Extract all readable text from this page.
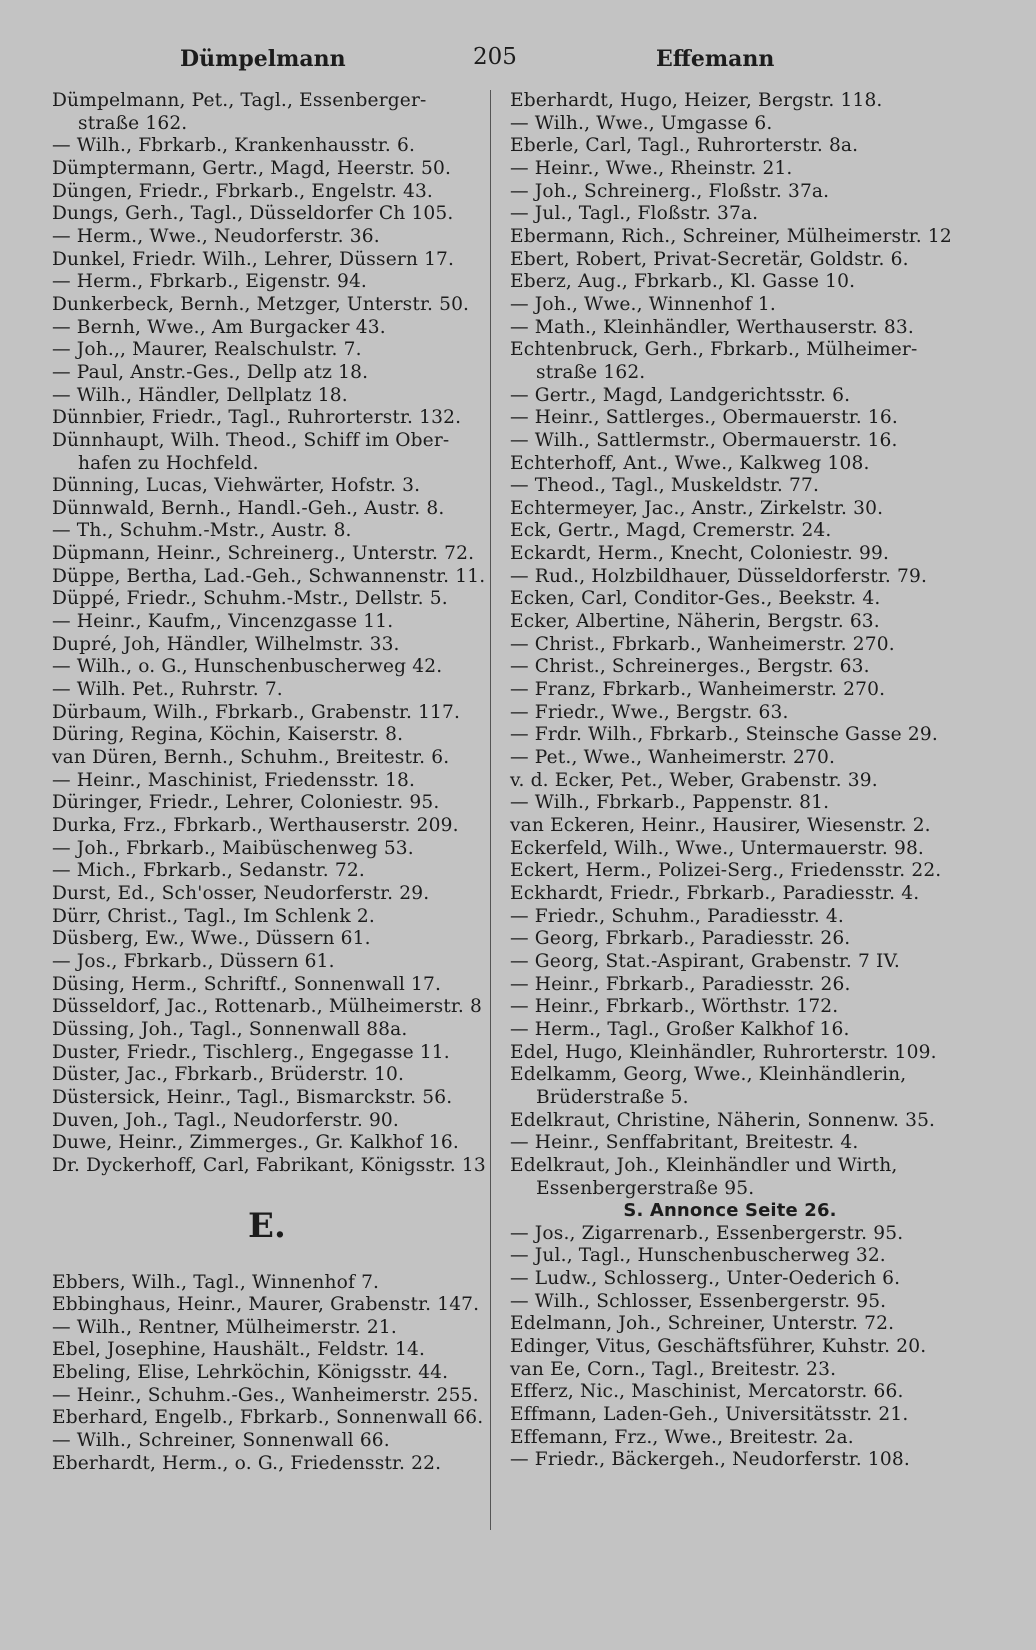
Dümpelmann	205	Effemann
Dümpelmann, Pet., Tagl., Essenberger-
straße 162.
— Wilh., Fbrkarb., Krankenhausstr. 6.
Dümptermann, Gertr., Magd, Heerstr. 50.
Düngen, Friedr., Fbrkarb., Engelstr. 43.
Dungs, Gerh., Tagl., Düsseldorfer Ch 105.
— Herm., Wwe., Neudorferstr. 36.
Dunkel, Friedr. Wilh., Lehrer, Düssern 17.
— Herm., Fbrkarb., Eigenstr. 94.
Dunkerbeck, Bernh., Metzger, Unterstr. 50.
— Bernh, Wwe., Am Burgacker 43.
— Joh.,, Maurer, Realschulstr. 7.
— Paul, Anstr.-Ges., Dellp atz 18.
— Wilh., Händler, Dellplatz 18.
Dünnbier, Friedr., Tagl., Ruhrorterstr. 132.
Dünnhaupt, Wilh. Theod., Schiff im Ober-
hafen zu Hochfeld.
Dünning, Lucas, Viehwärter, Hofstr. 3.
Dünnwald, Bernh., Handl.-Geh., Austr. 8.
— Th., Schuhm.-Mstr., Austr. 8.
Düpmann, Heinr., Schreinerg., Unterstr. 72.
Düppe, Bertha, Lad.-Geh., Schwannenstr. 11.
Düppé, Friedr., Schuhm.-Mstr., Dellstr. 5.
— Heinr., Kaufm,, Vincenzgasse 11.
Dupré, Joh, Händler, Wilhelmstr. 33.
— Wilh., o. G., Hunschenbuscherweg 42.
— Wilh. Pet., Ruhrstr. 7.
Dürbaum, Wilh., Fbrkarb., Grabenstr. 117.
Düring, Regina, Köchin, Kaiserstr. 8.
van Düren, Bernh., Schuhm., Breitestr. 6.
— Heinr., Maschinist, Friedensstr. 18.
Düringer, Friedr., Lehrer, Coloniestr. 95.
Durka, Frz., Fbrkarb., Werthauserstr. 209.
— Joh., Fbrkarb., Maibüschenweg 53.
— Mich., Fbrkarb., Sedanstr. 72.
Durst, Ed., Sch'osser, Neudorferstr. 29.
Dürr, Christ., Tagl., Im Schlenk 2.
Düsberg, Ew., Wwe., Düssern 61.
— Jos., Fbrkarb., Düssern 61.
Düsing, Herm., Schriftf., Sonnenwall 17.
Düsseldorf, Jac., Rottenarb., Mülheimerstr. 8
Düssing, Joh., Tagl., Sonnenwall 88a.
Duster, Friedr., Tischlerg., Engegasse 11.
Düster, Jac., Fbrkarb., Brüderstr. 10.
Düstersick, Heinr., Tagl., Bismarckstr. 56.
Duven, Joh., Tagl., Neudorferstr. 90.
Duwe, Heinr., Zimmerges., Gr. Kalkhof 16.
Dr. Dyckerhoff, Carl, Fabrikant, Königsstr. 13
E.
Ebbers, Wilh., Tagl., Winnenhof 7.
Ebbinghaus, Heinr., Maurer, Grabenstr. 147.
— Wilh., Rentner, Mülheimerstr. 21.
Ebel, Josephine, Haushält., Feldstr. 14.
Ebeling, Elise, Lehrköchin, Königsstr. 44.
— Heinr., Schuhm.-Ges., Wanheimerstr. 255.
Eberhard, Engelb., Fbrkarb., Sonnenwall 66.
— Wilh., Schreiner, Sonnenwall 66.
Eberhardt, Herm., o. G., Friedensstr. 22.
Eberhardt, Hugo, Heizer, Bergstr. 118.
— Wilh., Wwe., Umgasse 6.
Eberle, Carl, Tagl., Ruhrorterstr. 8a.
— Heinr., Wwe., Rheinstr. 21.
— Joh., Schreinerg., Floßstr. 37a.
— Jul., Tagl., Floßstr. 37a.
Ebermann, Rich., Schreiner, Mülheimerstr. 12
Ebert, Robert, Privat-Secretär, Goldstr. 6.
Eberz, Aug., Fbrkarb., Kl. Gasse 10.
— Joh., Wwe., Winnenhof 1.
— Math., Kleinhändler, Werthauserstr. 83.
Echtenbruck, Gerh., Fbrkarb., Mülheimer-
straße 162.
— Gertr., Magd, Landgerichtsstr. 6.
— Heinr., Sattlerges., Obermauerstr. 16.
— Wilh., Sattlermstr., Obermauerstr. 16.
Echterhoff, Ant., Wwe., Kalkweg 108.
— Theod., Tagl., Muskeldstr. 77.
Echtermeyer, Jac., Anstr., Zirkelstr. 30.
Eck, Gertr., Magd, Cremerstr. 24.
Eckardt, Herm., Knecht, Coloniestr. 99.
— Rud., Holzbildhauer, Düsseldorferstr. 79.
Ecken, Carl, Conditor-Ges., Beekstr. 4.
Ecker, Albertine, Näherin, Bergstr. 63.
— Christ., Fbrkarb., Wanheimerstr. 270.
— Christ., Schreinerges., Bergstr. 63.
— Franz, Fbrkarb., Wanheimerstr. 270.
— Friedr., Wwe., Bergstr. 63.
— Frdr. Wilh., Fbrkarb., Steinsche Gasse 29.
— Pet., Wwe., Wanheimerstr. 270.
v. d. Ecker, Pet., Weber, Grabenstr. 39.
— Wilh., Fbrkarb., Pappenstr. 81.
van Eckeren, Heinr., Hausirer, Wiesenstr. 2.
Eckerfeld, Wilh., Wwe., Untermauerstr. 98.
Eckert, Herm., Polizei-Serg., Friedensstr. 22.
Eckhardt, Friedr., Fbrkarb., Paradiesstr. 4.
— Friedr., Schuhm., Paradiesstr. 4.
— Georg, Fbrkarb., Paradiesstr. 26.
— Georg, Stat.-Aspirant, Grabenstr. 7 IV.
— Heinr., Fbrkarb., Paradiesstr. 26.
— Heinr., Fbrkarb., Wörthstr. 172.
— Herm., Tagl., Großer Kalkhof 16.
Edel, Hugo, Kleinhändler, Ruhrorterstr. 109.
Edelkamm, Georg, Wwe., Kleinhändlerin,
Brüderstraße 5.
Edelkraut, Christine, Näherin, Sonnenw. 35.
— Heinr., Senffabritant, Breitestr. 4.
Edelkraut, Joh., Kleinhändler und Wirth,
Essenbergerstraße 95.
S. Annonce Seite 26.
— Jos., Zigarrenarb., Essenbergerstr. 95.
— Jul., Tagl., Hunschenbuscherweg 32.
— Ludw., Schlosserg., Unter-Oederich 6.
— Wilh., Schlosser, Essenbergerstr. 95.
Edelmann, Joh., Schreiner, Unterstr. 72.
Edinger, Vitus, Geschäftsführer, Kuhstr. 20.
van Ee, Corn., Tagl., Breitestr. 23.
Efferz, Nic., Maschinist, Mercatorstr. 66.
Effmann, Laden-Geh., Universitätsstr. 21.
Effemann, Frz., Wwe., Breitestr. 2a.
— Friedr., Bäckergeh., Neudorferstr. 108.
